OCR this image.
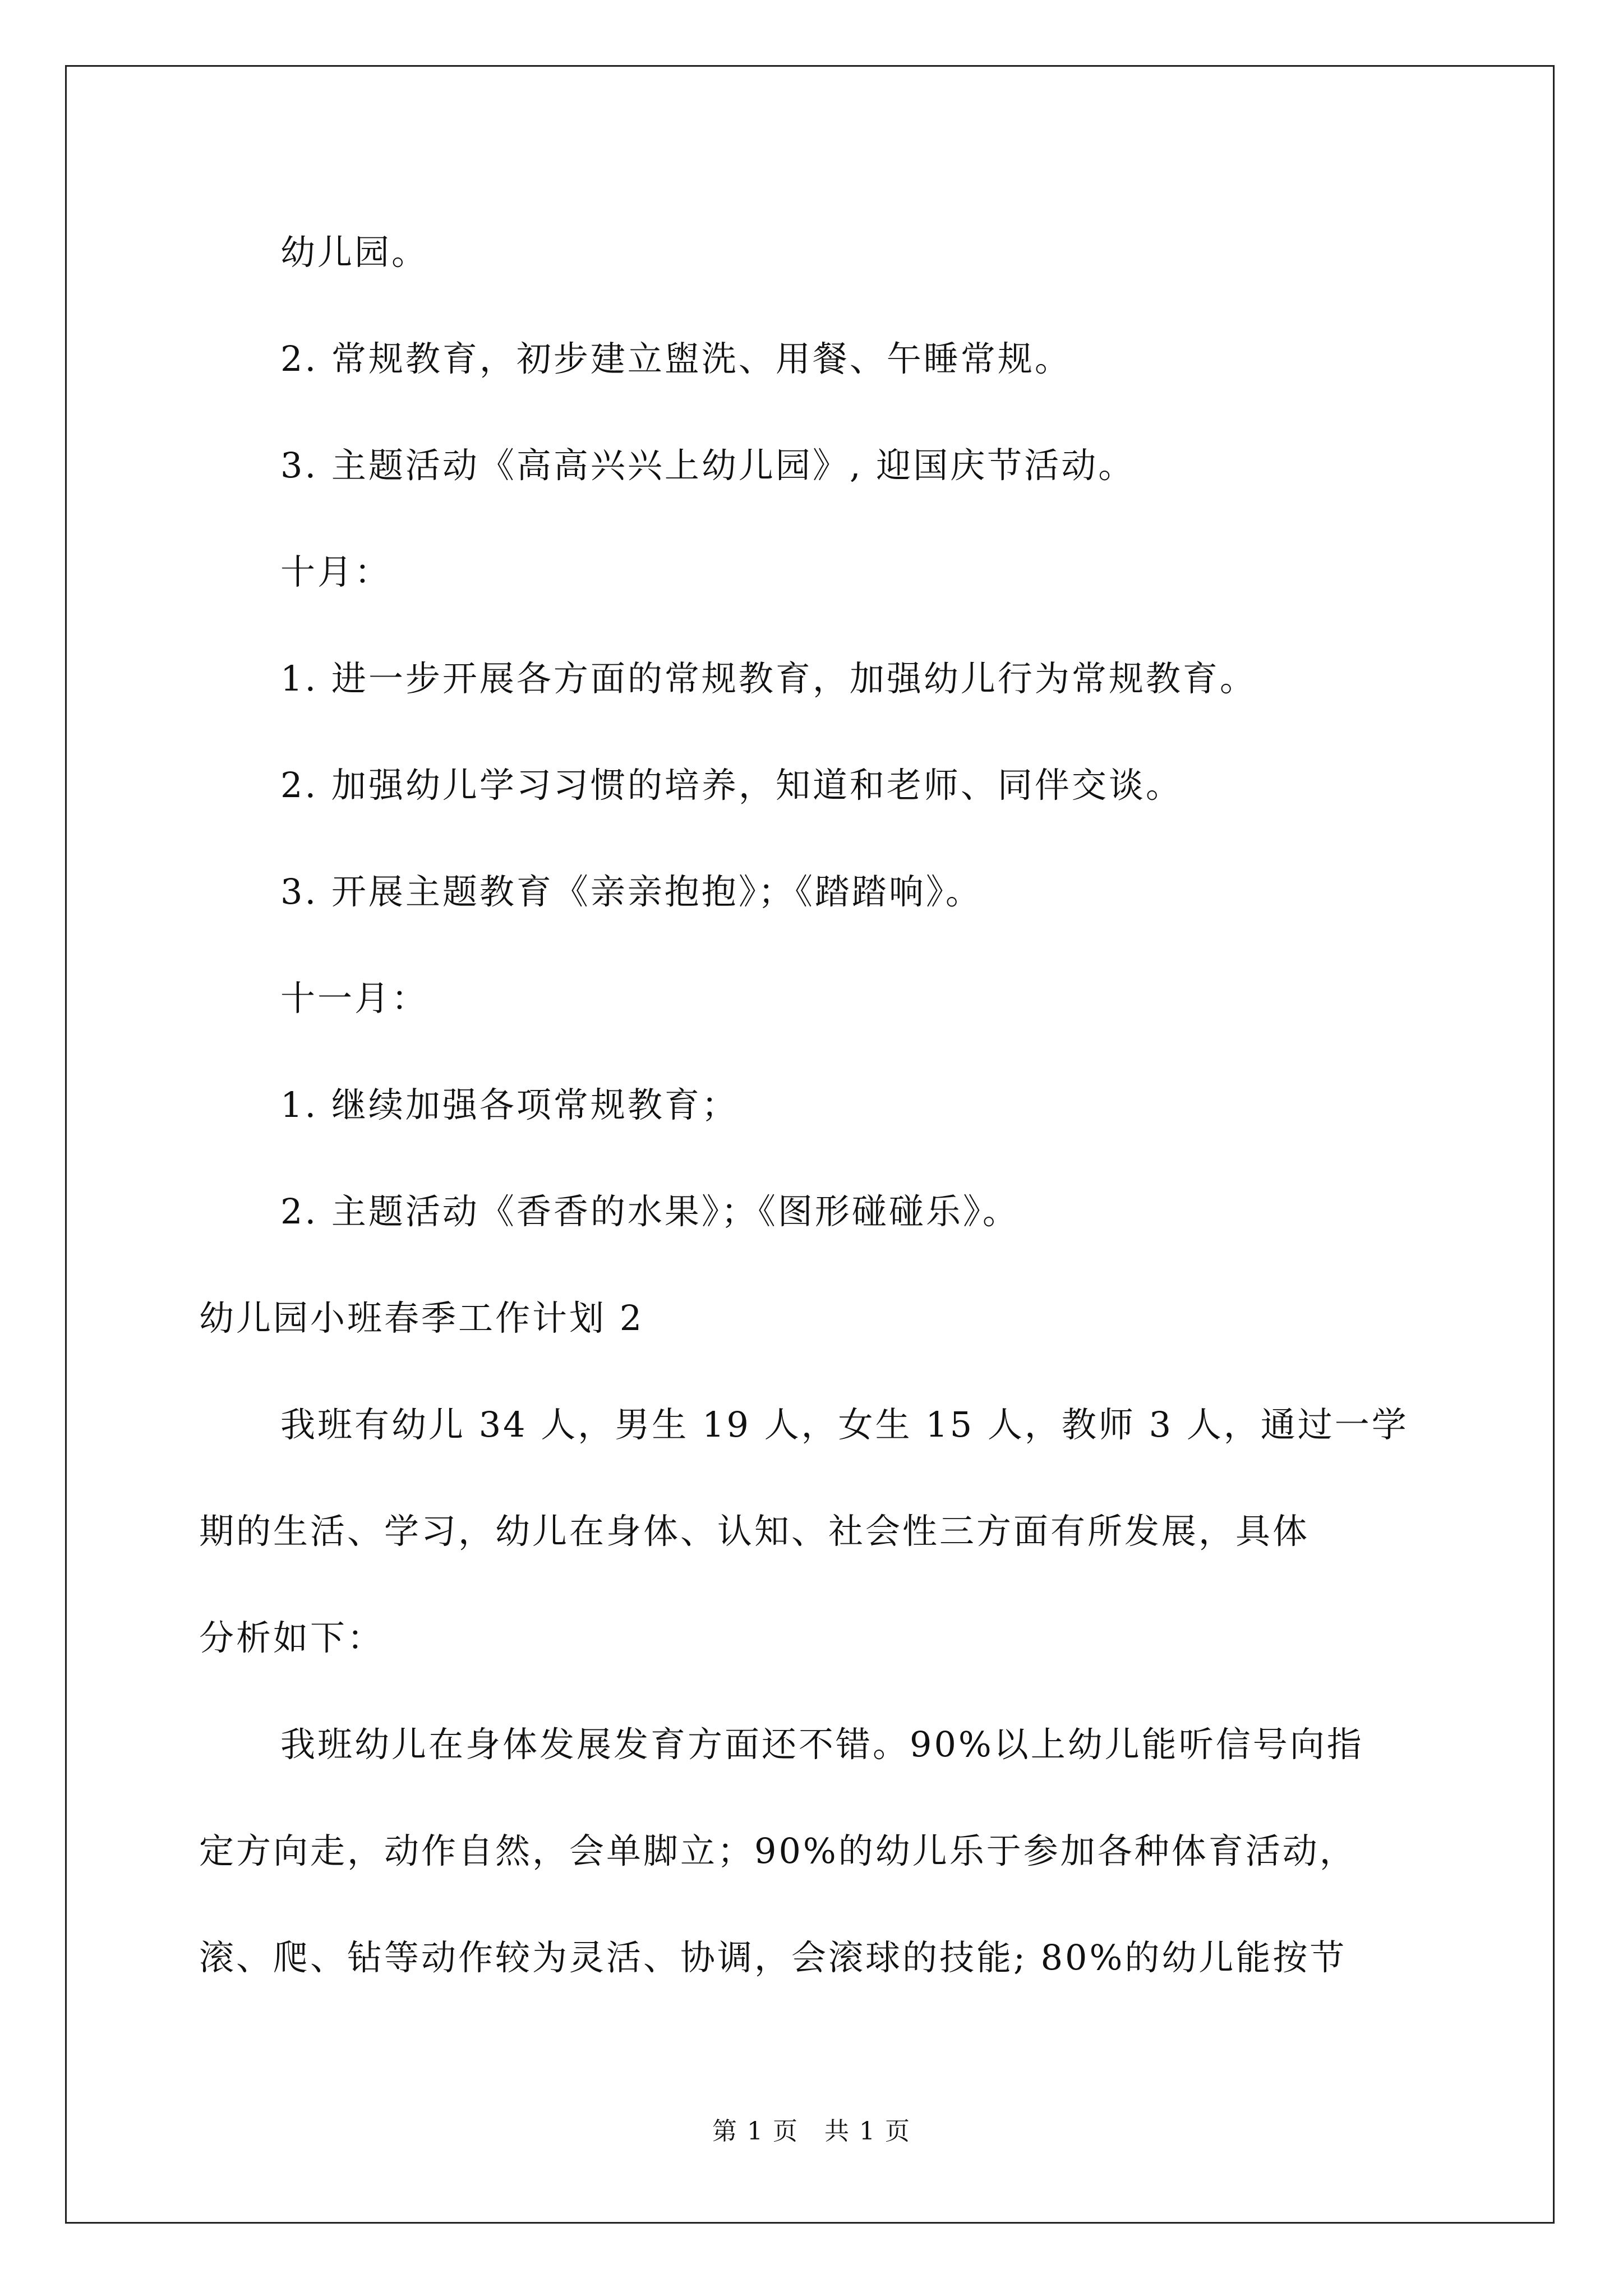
幼儿园。
2. 常规教育，初步建立盥洗、用餐、午睡常规。
3. 主题活动《高高兴兴上幼儿园》, 迎国庆节活动。
十月：
1. 进一步开展各方面的常规教育，加强幼儿行为常规教育。
2. 加强幼儿学习习惯的培养，知道和老师、同伴交谈。
3. 开展主题教育《亲亲抱抱》；《踏踏响》。
十一月：
1. 继续加强各项常规教育；
2. 主题活动《香香的水果》；《图形碰碰乐》。
幼儿园小班春季工作计划 2
我班有幼儿 34 人，男生 19 人，女生 15 人，教师 3 人，通过一学
期的生活、学习，幼儿在身体、认知、社会性三方面有所发展，具体
分析如下：
我班幼儿在身体发展发育方面还不错。90%以上幼儿能听信号向指
定方向走，动作自然，会单脚立；90%的幼儿乐于参加各种体育活动，
滚、爬、钻等动作较为灵活、协调，会滚球的技能; 80%的幼儿能按节
第 1 页　共 1 页
